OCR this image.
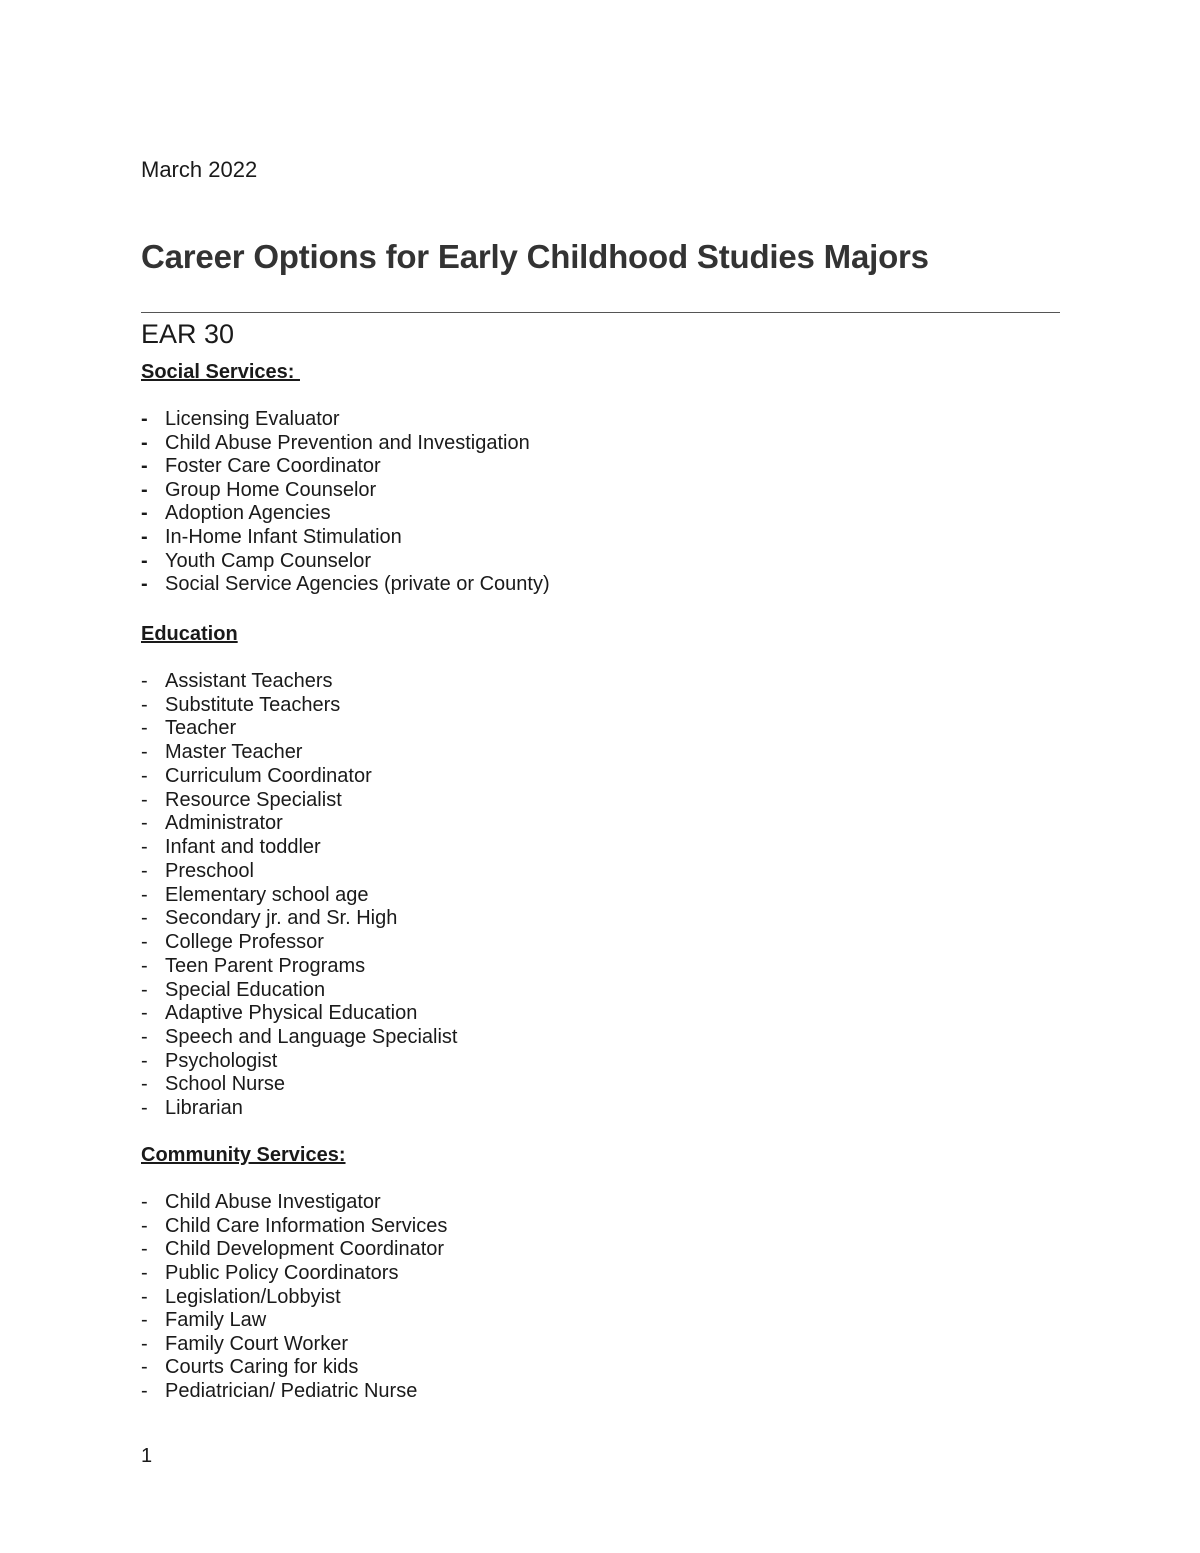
March 2022
Career Options for Early Childhood Studies Majors
EAR 30
Social Services:
- Licensing Evaluator
- Child Abuse Prevention and Investigation
- Foster Care Coordinator
- Group Home Counselor
- Adoption Agencies
- In-Home Infant Stimulation
- Youth Camp Counselor
- Social Service Agencies (private or County)
Education
- Assistant Teachers
- Substitute Teachers
- Teacher
- Master Teacher
- Curriculum Coordinator
- Resource Specialist
- Administrator
- Infant and toddler
- Preschool
- Elementary school age
- Secondary jr. and Sr. High
- College Professor
- Teen Parent Programs
- Special Education
- Adaptive Physical Education
- Speech and Language Specialist
- Psychologist
- School Nurse
- Librarian
Community Services:
- Child Abuse Investigator
- Child Care Information Services
- Child Development Coordinator
- Public Policy Coordinators
- Legislation/Lobbyist
- Family Law
- Family Court Worker
- Courts Caring for kids
- Pediatrician/ Pediatric Nurse
1
